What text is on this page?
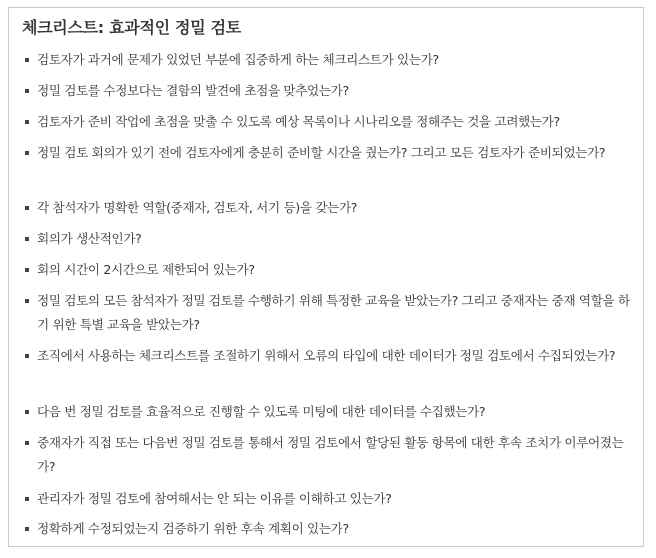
체크리스트: 효과적인 정밀 검토
검토자가 과거에 문제가 있었던 부분에 집중하게 하는 체크리스트가 있는가?
정밀 검토를 수정보다는 결함의 발견에 초점을 맞추었는가?
검토자가 준비 작업에 초점을 맞출 수 있도록 예상 목록이나 시나리오를 정해주는 것을 고려했는가?
정밀 검토 회의가 있기 전에 검토자에게 충분히 준비할 시간을 줬는가? 그리고 모든 검토자가 준비되었는가?
각 참석자가 명확한 역할(중재자, 검토자, 서기 등)을 갖는가?
회의가 생산적인가?
회의 시간이 2시간으로 제한되어 있는가?
정밀 검토의 모든 참석자가 정밀 검토를 수행하기 위해 특정한 교육을 받았는가? 그리고 중재자는 중재 역할을 하기 위한 특별 교육을 받았는가?
조직에서 사용하는 체크리스트를 조절하기 위해서 오류의 타입에 대한 데이터가 정밀 검토에서 수집되었는가?
다음 번 정밀 검토를 효율적으로 진행할 수 있도록 미팅에 대한 데이터를 수집했는가?
중재자가 직접 또는 다음번 정밀 검토를 통해서 정밀 검토에서 할당된 활동 항목에 대한 후속 조치가 이루어졌는가?
관리자가 정밀 검토에 참여해서는 안 되는 이유를 이해하고 있는가?
정확하게 수정되었는지 검증하기 위한 후속 계획이 있는가?
